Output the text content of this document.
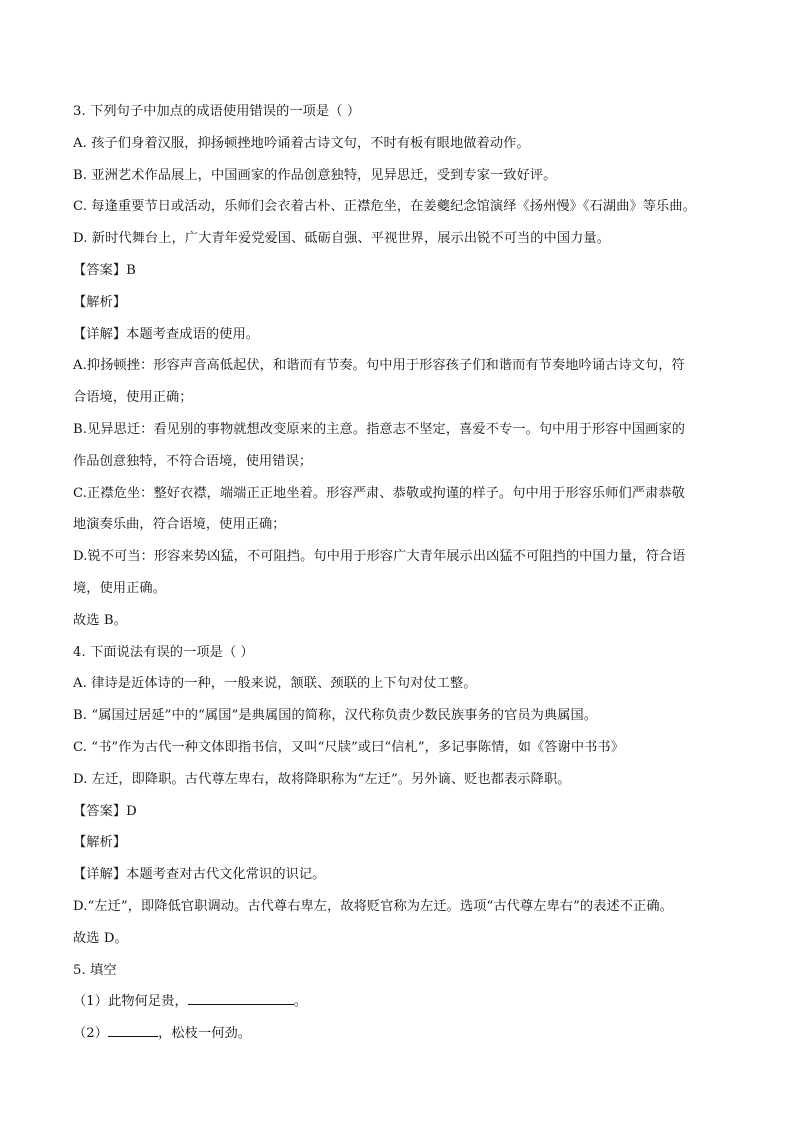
3. 下列句子中加点的成语使用错误的一项是（ ）
A. 孩子们身着汉服，抑扬顿挫地吟诵着古诗文句，不时有板有眼地做着动作。
B. 亚洲艺术作品展上，中国画家的作品创意独特，见异思迁，受到专家一致好评。
C. 每逢重要节日或活动，乐师们会衣着古朴、正襟危坐，在姜夔纪念馆演绎《扬州慢》《石湖曲》等乐曲。
D. 新时代舞台上，广大青年爱党爱国、砥砺自强、平视世界，展示出锐不可当的中国力量。
【答案】B
【解析】
【详解】本题考查成语的使用。
A.抑扬顿挫：形容声音高低起伏，和谐而有节奏。句中用于形容孩子们和谐而有节奏地吟诵古诗文句，符
合语境，使用正确；
B.见异思迁：看见别的事物就想改变原来的主意。指意志不坚定，喜爱不专一。句中用于形容中国画家的
作品创意独特，不符合语境，使用错误；
C.正襟危坐：整好衣襟，端端正正地坐着。形容严肃、恭敬或拘谨的样子。句中用于形容乐师们严肃恭敬
地演奏乐曲，符合语境，使用正确；
D.锐不可当：形容来势凶猛，不可阻挡。句中用于形容广大青年展示出凶猛不可阻挡的中国力量，符合语
境，使用正确。
故选 B。
4. 下面说法有误的一项是（ ）
A. 律诗是近体诗的一种，一般来说，颔联、颈联的上下句对仗工整。
B. “属国过居延”中的“属国”是典属国的简称，汉代称负责少数民族事务的官员为典属国。
C. “书”作为古代一种文体即指书信，又叫“尺牍”或曰“信札”，多记事陈情，如《答谢中书书》
D. 左迁，即降职。古代尊左卑右，故将降职称为“左迁”。另外谪、贬也都表示降职。
【答案】D
【解析】
【详解】本题考查对古代文化常识的识记。
D.“左迁”，即降低官职调动。古代尊右卑左，故将贬官称为左迁。选项“古代尊左卑右”的表述不正确。
故选 D。
5. 填空
（1）此物何足贵，	。
（2）	，松枝一何劲。
